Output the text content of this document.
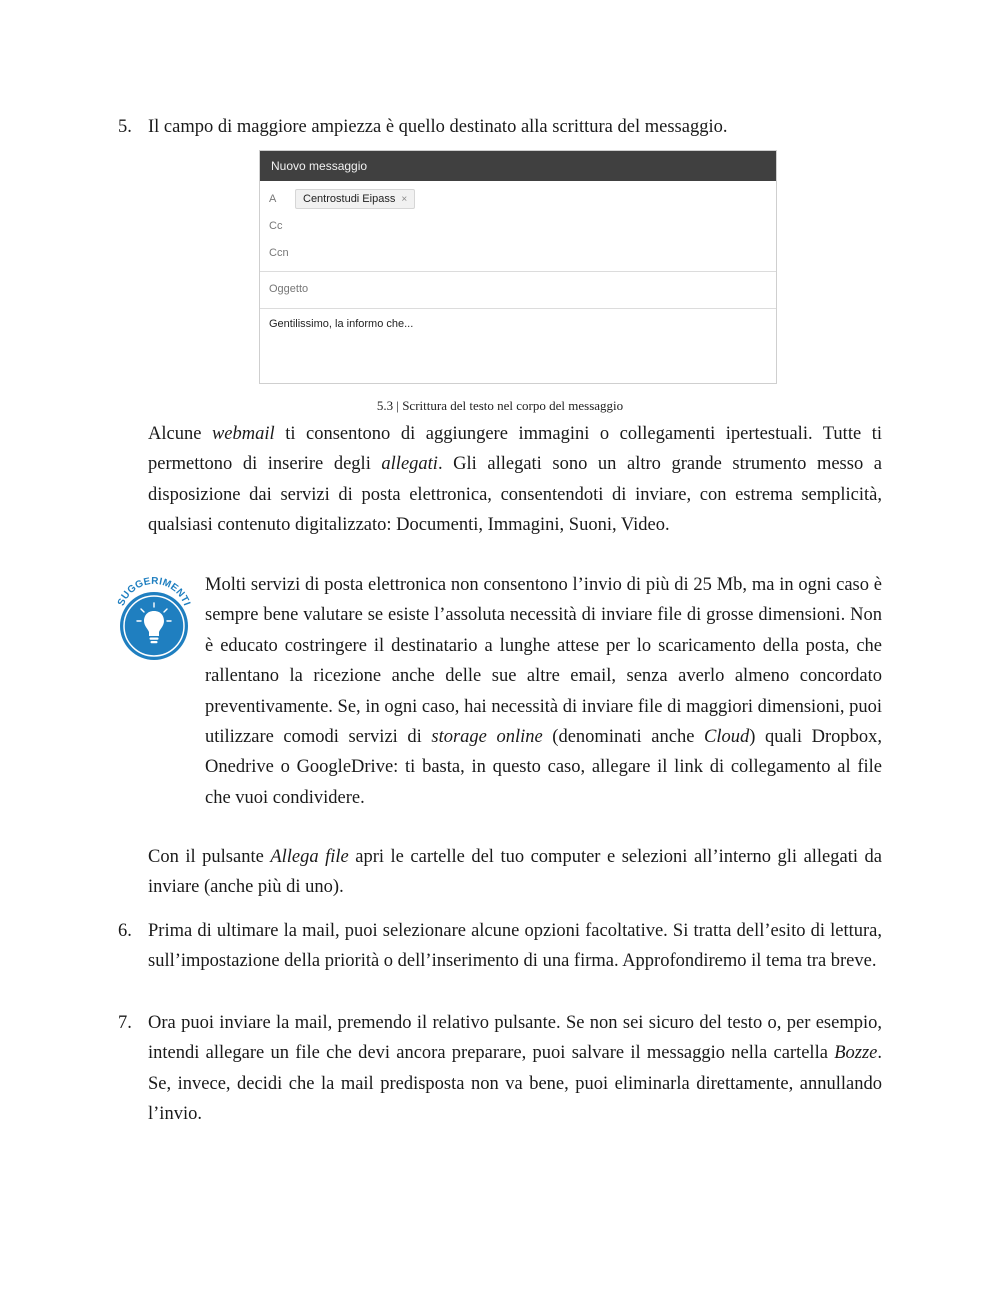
5. Il campo di maggiore ampiezza è quello destinato alla scrittura del messaggio.

Nuovo messaggio
A	Centrostudi Eipass ×
Cc
Ccn
Oggetto
Gentilissimo, la informo che...
5.3 | Scrittura del testo nel corpo del messaggio

Alcune webmail ti consentono di aggiungere immagini o collegamenti ipertestuali. Tutte ti permettono di inserire degli allegati. Gli allegati sono un altro grande strumento messo a disposizione dai servizi di posta elettronica, consentendoti di inviare, con estrema semplicità, qualsiasi contenuto digitalizzato: Documenti, Immagini, Suoni, Video.

SUGGERIMENTI

Molti servizi di posta elettronica non consentono l’invio di più di 25 Mb, ma in ogni caso è sempre bene valutare se esiste l’assoluta necessità di inviare file di grosse dimensioni. Non è educato costringere il destinatario a lunghe attese per lo scaricamento della posta, che rallentano la ricezione anche delle sue altre email, senza averlo almeno concordato preventivamente. Se, in ogni caso, hai necessità di inviare file di maggiori dimensioni, puoi utilizzare comodi servizi di storage online (denominati anche Cloud) quali Dropbox, Onedrive o GoogleDrive: ti basta, in questo caso, allegare il link di collegamento al file che vuoi condividere.

Con il pulsante Allega file apri le cartelle del tuo computer e selezioni all’interno gli allegati da inviare (anche più di uno).

6. Prima di ultimare la mail, puoi selezionare alcune opzioni facoltative. Si tratta dell’esito di lettura, sull’impostazione della priorità o dell’inserimento di una firma. Approfondiremo il tema tra breve.

7. Ora puoi inviare la mail, premendo il relativo pulsante. Se non sei sicuro del testo o, per esempio, intendi allegare un file che devi ancora preparare, puoi salvare il messaggio nella cartella Bozze. Se, invece, decidi che la mail predisposta non va bene, puoi eliminarla direttamente, annullando l’invio.
